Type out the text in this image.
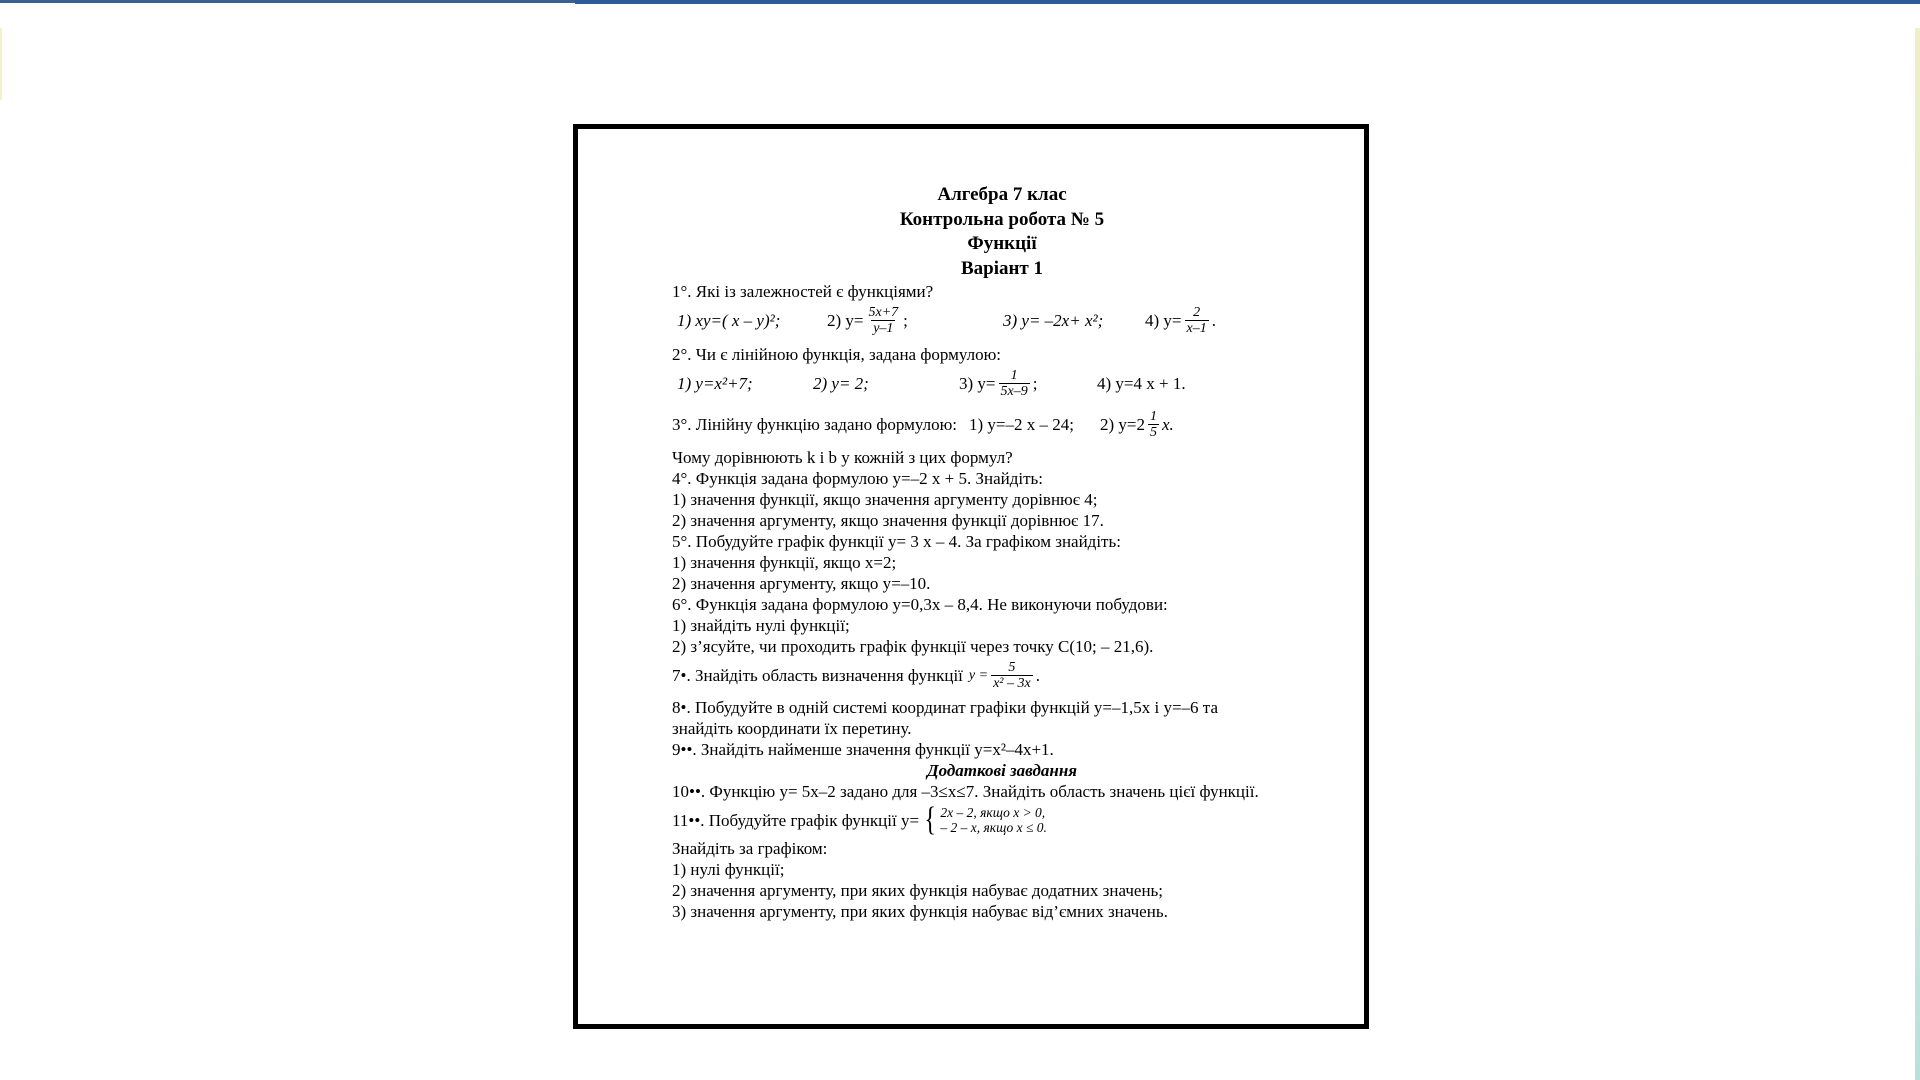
Алгебра 7 клас
Контрольна робота № 5
Функції
Варіант 1
1°. Які із залежностей є функціями?
1) xy=( x – y)²;	2) $y= \frac{5x+7}{y-1}$ ;	3) y= –2x+ x²; 4) $y= \frac{2}{x-1}$ .
2°. Чи є лінійною функція, задана формулою:
1) y=x²+7;	2) y= 2;	3) $y= \frac{1}{5x-9}$ ;	4) y=4 x + 1.
3°. Лінійну функцію задано формулою: 1) y=–2 x – 24; 2) $y=2 \frac{1}{5} x$.
Чому дорівнюють k і b у кожній з цих формул?
4°. Функція задана формулою y=–2 x + 5. Знайдіть:
1) значення функції, якщо значення аргументу дорівнює 4;
2) значення аргументу, якщо значення функції дорівнює 17.
5°. Побудуйте графік функції y= 3 x – 4. За графіком знайдіть:
1) значення функції, якщо x=2;
2) значення аргументу, якщо y=–10.
6°. Функція задана формулою y=0,3x – 8,4. Не виконуючи побудови:
1) знайдіть нулі функції;
2) з’ясуйте, чи проходить графік функції через точку С(10; – 21,6).
7•. Знайдіть область визначення функції $y = \frac{5}{\text{x² – 3x}}$ .
8•. Побудуйте в одній системі координат графіки функцій y=–1,5x і y=–6 та
знайдіть координати їх перетину.
9••. Знайдіть найменше значення функції y=x²–4x+1.
Додаткові завдання
10••. Функцію y= 5x–2 задано для –3≤x≤7. Знайдіть область значень цієї функції.
11••. Побудуйте графік функції y= { 2x – 2, якщо x > 0,
– 2 – x, якщо x ≤ 0.
Знайдіть за графіком:
1) нулі функції;
2) значення аргументу, при яких функція набуває додатних значень;
3) значення аргументу, при яких функція набуває від’ємних значень.
